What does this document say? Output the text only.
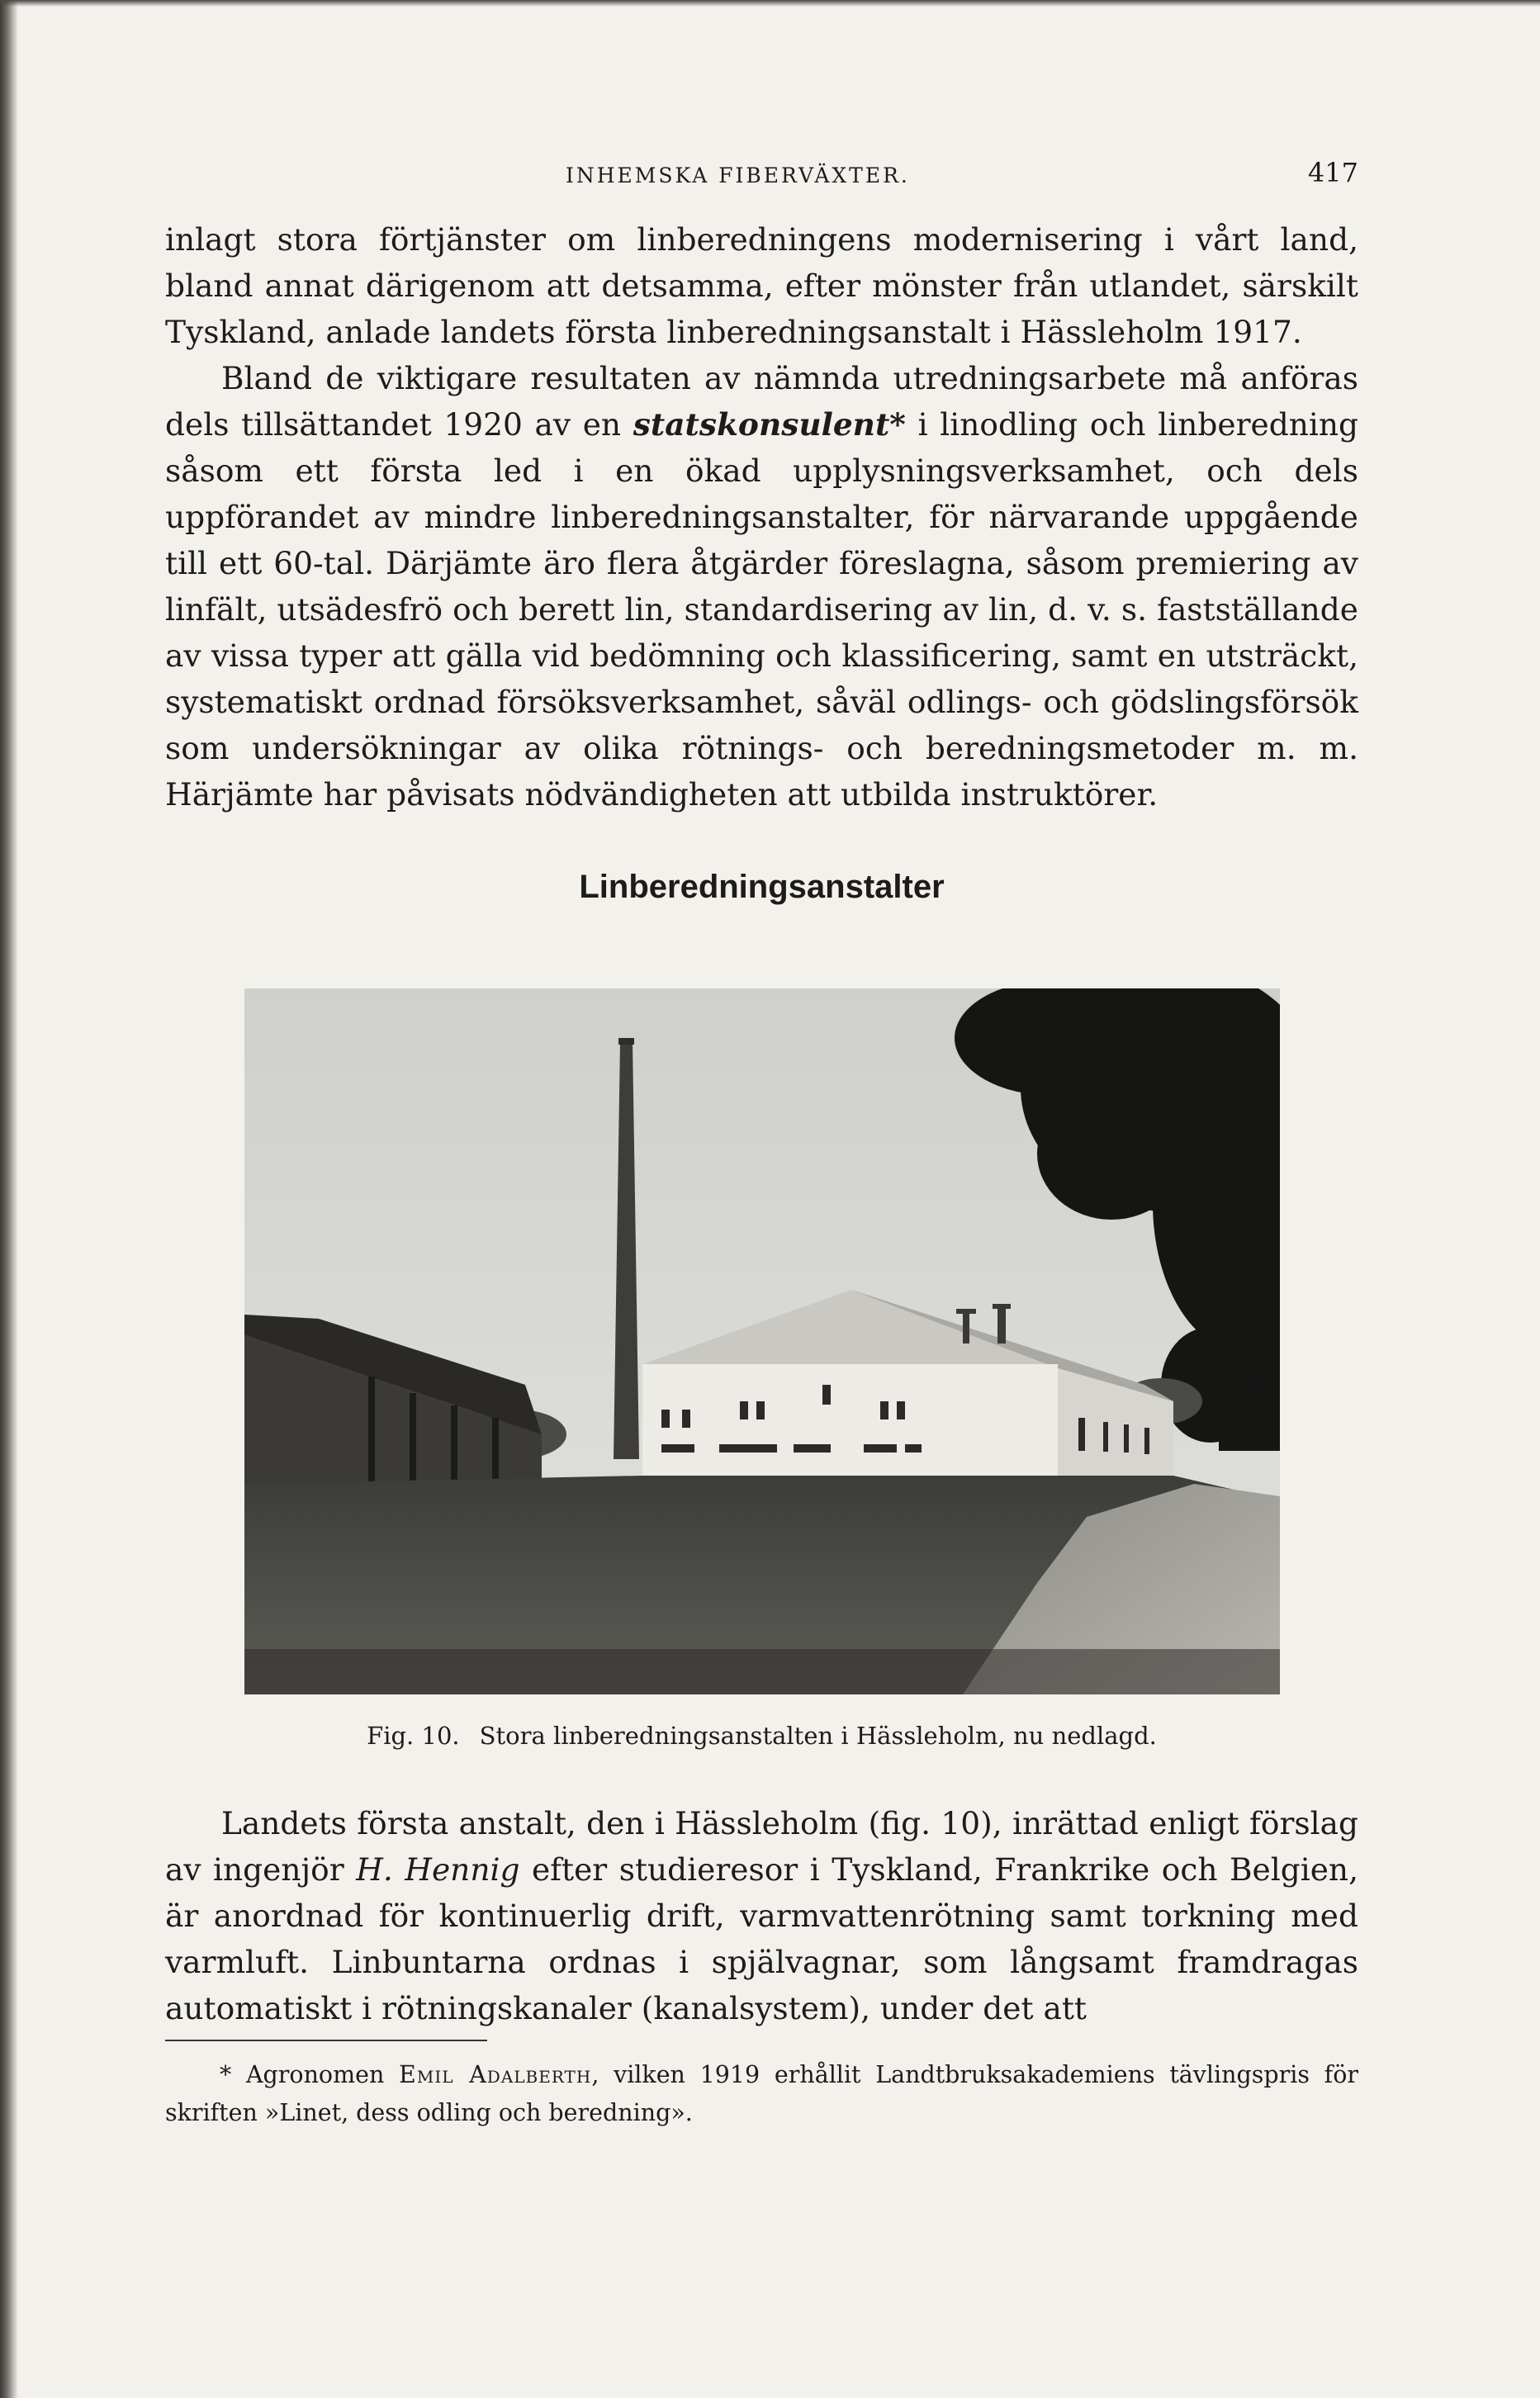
INHEMSKA FIBERVÄXTER.	417

inlagt stora förtjänster om linberedningens modernisering i vårt land, bland annat därigenom att detsamma, efter mönster från utlandet, särskilt Tyskland, anlade landets första linberedningsanstalt i Hässleholm 1917.

Bland de viktigare resultaten av nämnda utredningsarbete må anföras dels tillsättandet 1920 av en statskonsulent* i linodling och linberedning såsom ett första led i en ökad upplysningsverksamhet, och dels uppförandet av mindre linberedningsanstalter, för närvarande uppgående till ett 60-tal. Därjämte äro flera åtgärder föreslagna, såsom premiering av linfält, utsädesfrö och berett lin, standardisering av lin, d. v. s. fastställande av vissa typer att gälla vid bedömning och klassificering, samt en utsträckt, systematiskt ordnad försöksverksamhet, såväl odlings- och gödslingsförsök som undersökningar av olika rötnings- och beredningsmetoder m. m. Härjämte har påvisats nödvändigheten att utbilda instruktörer.

Linberedningsanstalter
Fig. 10. Stora linberedningsanstalten i Hässleholm, nu nedlagd.

Landets första anstalt, den i Hässleholm (fig. 10), inrättad enligt förslag av ingenjör H. Hennig efter studieresor i Tyskland, Frankrike och Belgien, är anordnad för kontinuerlig drift, varmvattenrötning samt torkning med varmluft. Linbuntarna ordnas i spjälvagnar, som långsamt framdragas automatiskt i rötningskanaler (kanalsystem), under det att

* Agronomen Emil Adalberth, vilken 1919 erhållit Landtbruksakademiens tävlingspris för skriften »Linet, dess odling och beredning».
